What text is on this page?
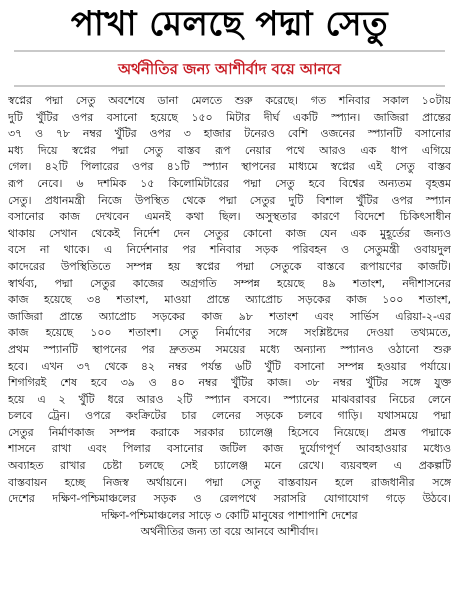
পাখা মেলছে পদ্মা সেতু
অর্থনীতির জন্য আশীর্বাদ বয়ে আনবে
স্বপ্নের পদ্মা সেতু অবশেষে ডানা মেলতে শুরু করেছে। গত শনিবার সকাল ১০টায়
দুটি খুঁটির ওপর বসানো হয়েছে ১৫০ মিটার দীর্ঘ একটি স্প্যান। জাজিরা প্রান্তের
৩৭ ও ৭৮ নম্বর খুঁটির ওপর ৩ হাজার টনেরও বেশি ওজনের স্প্যানটি বসানোর
মধ্য দিয়ে স্বপ্নের পদ্মা সেতু বাস্তব রূপ নেয়ার পথে আরও এক ধাপ এগিয়ে
গেল। ৪২টি পিলারের ওপর ৪১টি স্প্যান স্থাপনের মাধ্যমে স্বপ্নের এই সেতু বাস্তব
রূপ নেবে। ৬ দশমিক ১৫ কিলোমিটারের পদ্মা সেতু হবে বিশ্বের অন্যতম বৃহত্তম
সেতু। প্রধানমন্ত্রী নিজে উপস্থিত থেকে পদ্মা সেতুর দুটি বিশাল খুঁটির ওপর স্প্যান
বসানোর কাজ দেখবেন এমনই কথা ছিল। অসুস্থতার কারণে বিদেশে চিকিৎসাধীন
থাকায় সেখান থেকেই নির্দেশ দেন সেতুর কোনো কাজ যেন এক মুহূর্তের জন্যও
বসে না থাকে। এ নির্দেশনার পর শনিবার সড়ক পরিবহন ও সেতুমন্ত্রী ওবায়দুল
কাদেরের উপস্থিতিতে সম্পন্ন হয় স্বপ্নের পদ্মা সেতুকে বাস্তবে রূপায়ণের কাজটি।
স্বার্থব্য, পদ্মা সেতুর কাজের অগ্রগতি সম্পন্ন হয়েছে ৪৯ শতাংশ, নদীশাসনের
কাজ হয়েছে ৩৪ শতাংশ, মাওয়া প্রান্তে অ্যাপ্রোচ সড়কের কাজ ১০০ শতাংশ,
জাজিরা প্রান্তে অ্যাপ্রোচ সড়কের কাজ ৯৮ শতাংশ এবং সার্ভিস এরিয়া-২-এর
কাজ হয়েছে ১০০ শতাংশ। সেতু নির্মাণের সঙ্গে সংশ্লিষ্টদের দেওয়া তথ্যমতে,
প্রথম স্প্যানটি স্থাপনের পর দ্রুততম সময়ের মধ্যে অন্যান্য স্প্যানও ওঠানো শুরু
হবে। এখন ৩৭ থেকে ৪২ নম্বর পর্যন্ত ৬টি খুঁটি বসানো সম্পন্ন হওয়ার পর্যায়ে।
শিগগিরই শেষ হবে ৩৯ ও ৪০ নম্বর খুঁটির কাজ। ৩৮ নম্বর খুঁটির সঙ্গে যুক্ত
হয়ে এ ২ খুঁটি ধরে আরও ২টি স্প্যান বসবে। স্প্যানের মাঝবরাবর নিচের লেনে
চলবে ট্রেন। ওপরে কংক্রিটের চার লেনের সড়কে চলবে গাড়ি। যথাসময়ে পদ্মা
সেতুর নির্মাণকাজ সম্পন্ন করাকে সরকার চ্যালেঞ্জ হিসেবে নিয়েছে। প্রমত্ত পদ্মাকে
শাসনে রাখা এবং পিলার বসানোর জটিল কাজ দুর্যোগপূর্ণ আবহাওয়ার মধ্যেও
অব্যাহত রাখার চেষ্টা চলছে সেই চ্যালেঞ্জ মনে রেখে। ব্যয়বহুল এ প্রকল্পটি
বাস্তবায়ন হচ্ছে নিজস্ব অর্থায়নে। পদ্মা সেতু বাস্তবায়ন হলে রাজধানীর সঙ্গে
দেশের দক্ষিণ-পশ্চিমাঞ্চলের সড়ক ও রেলপথে সরাসরি যোগাযোগ গড়ে উঠবে।
দক্ষিণ-পশ্চিমাঞ্চলের সাড়ে ৩ কোটি মানুষের পাশাপাশি দেশের
অর্থনীতির জন্য তা বয়ে আনবে আশীর্বাদ।
